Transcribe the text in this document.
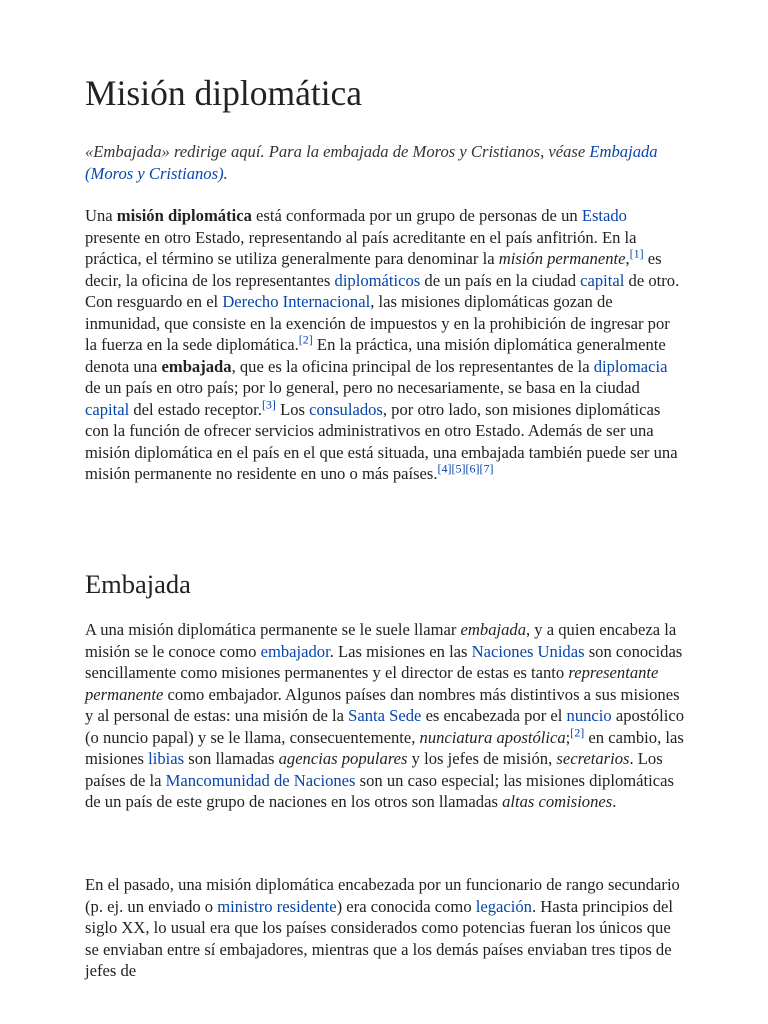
Misión diplomática

«Embajada» redirige aquí. Para la embajada de Moros y Cristianos, véase Embajada (Moros y Cristianos).

Una misión diplomática está conformada por un grupo de personas de un Estado presente en otro Estado, representando al país acreditante en el país anfitrión. En la práctica, el término se utiliza generalmente para denominar la misión permanente,[1] es decir, la oficina de los representantes diplomáticos de un país en la ciudad capital de otro. Con resguardo en el Derecho Internacional, las misiones diplomáticas gozan de inmunidad, que consiste en la exención de impuestos y en la prohibición de ingresar por la fuerza en la sede diplomática.[2] En la práctica, una misión diplomática generalmente denota una embajada, que es la oficina principal de los representantes de la diplomacia de un país en otro país; por lo general, pero no necesariamente, se basa en la ciudad capital del estado receptor.[3] Los consulados, por otro lado, son misiones diplomáticas con la función de ofrecer servicios administrativos en otro Estado. Además de ser una misión diplomática en el país en el que está situada, una embajada también puede ser una misión permanente no residente en uno o más países.[4][5][6][7]

Embajada

A una misión diplomática permanente se le suele llamar embajada, y a quien encabeza la misión se le conoce como embajador. Las misiones en las Naciones Unidas son conocidas sencillamente como misiones permanentes y el director de estas es tanto representante permanente como embajador. Algunos países dan nombres más distintivos a sus misiones y al personal de estas: una misión de la Santa Sede es encabezada por el nuncio apostólico (o nuncio papal) y se le llama, consecuentemente, nunciatura apostólica;[2] en cambio, las misiones libias son llamadas agencias populares y los jefes de misión, secretarios. Los países de la Mancomunidad de Naciones son un caso especial; las misiones diplomáticas de un país de este grupo de naciones en los otros son llamadas altas comisiones.

En el pasado, una misión diplomática encabezada por un funcionario de rango secundario (p. ej. un enviado o ministro residente) era conocida como legación. Hasta principios del siglo XX, lo usual era que los países considerados como potencias fueran los únicos que se enviaban entre sí embajadores, mientras que a los demás países enviaban tres tipos de jefes de
